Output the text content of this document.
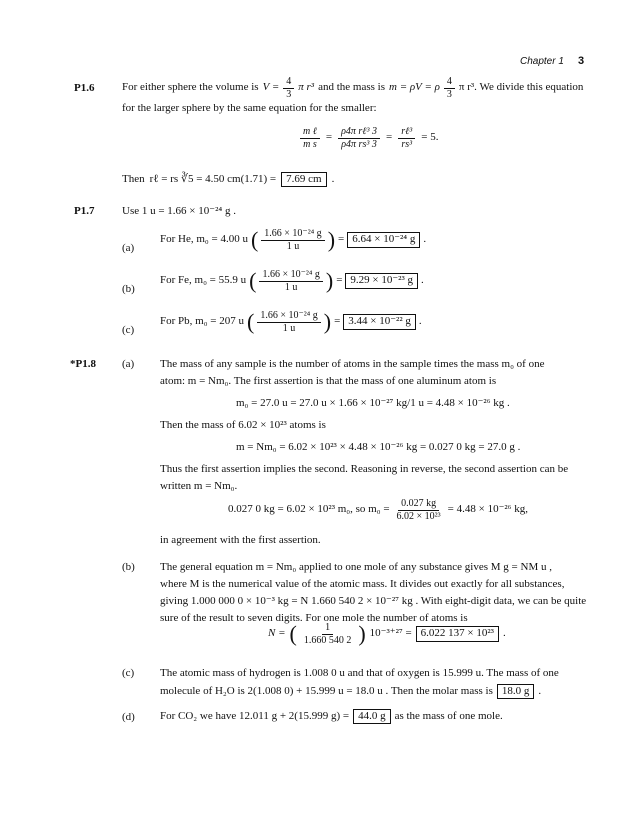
Chapter 1 3
P1.6	For either sphere the volume is $V = \frac{4}{3}$ π r³ and the mass is m = ρV = ρ $\frac{4}{3}$ π r³. We divide this equation
for the larger sphere by the same equation for the smaller:
$\frac{\text{m ℓ}}{\text{m s}} = \frac{\text{ρ4π rℓ³ 3}}{\text{ρ4π rs³ 3}} = \frac{\text{rℓ³}}{\text{rs³}} = 5$.
Then rℓ = rs ∛5 = 4.50 cm(1.71) = 7.69 cm .
P1.7	Use 1 u = 1.66 × 10⁻²⁴ g .
(a)
For He, m₀ = 4.00 u ( $\frac{\text{1.66 × 10⁻²⁴ g}}{1 u}$ ) = 6.64 × 10⁻²⁴ g .
(b)
For Fe, m₀ = 55.9 u ( $\frac{\text{1.66 × 10⁻²⁴ g}}{1 u}$ ) = 9.29 × 10⁻²³ g .
(c)
For Pb, m₀ = 207 u ( $\frac{\text{1.66 × 10⁻²⁴ g}}{1 u}$ ) = 3.44 × 10⁻²² g .
*P1.8 (a) The mass of any sample is the number of atoms in the sample times the mass m₀ of one
atom: m = Nm₀. The first assertion is that the mass of one aluminum atom is
m₀ = 27.0 u = 27.0 u × 1.66 × 10⁻²⁷ kg/1 u = 4.48 × 10⁻²⁶ kg .
Then the mass of 6.02 × 10²³ atoms is
m = Nm₀ = 6.02 × 10²³ × 4.48 × 10⁻²⁶ kg = 0.027 0 kg = 27.0 g .
Thus the first assertion implies the second. Reasoning in reverse, the second assertion can be
written m = Nm₀.
0.027 0 kg = 6.02 × 10²³ m₀, so $m_0 = \frac{0.027 kg}{\text{6.02 × 10²³}} = 4.48 \times 10^{-26}$ kg,
in agreement with the first assertion.
(b) The general equation m = Nm₀ applied to one mole of any substance gives M g = NM u ,
where M is the numerical value of the atomic mass. It divides out exactly for all substances,
giving 1.000 000 0 × 10⁻³ kg = N 1.660 540 2 × 10⁻²⁷ kg . With eight-digit data, we can be quite
sure of the result to seven digits. For one mole the number of atoms is
N = ( $\frac{1}{1.660 540 2}$ ) 10⁻³⁺²⁷ = 6.022 137 × 10²³ .
(c) The atomic mass of hydrogen is 1.008 0 u and that of oxygen is 15.999 u. The mass of one
molecule of H₂O is 2(1.008 0) + 15.999 u = 18.0 u . Then the molar mass is 18.0 g .
(d) For CO₂ we have 12.011 g + 2(15.999 g) = 44.0 g as the mass of one mole.
